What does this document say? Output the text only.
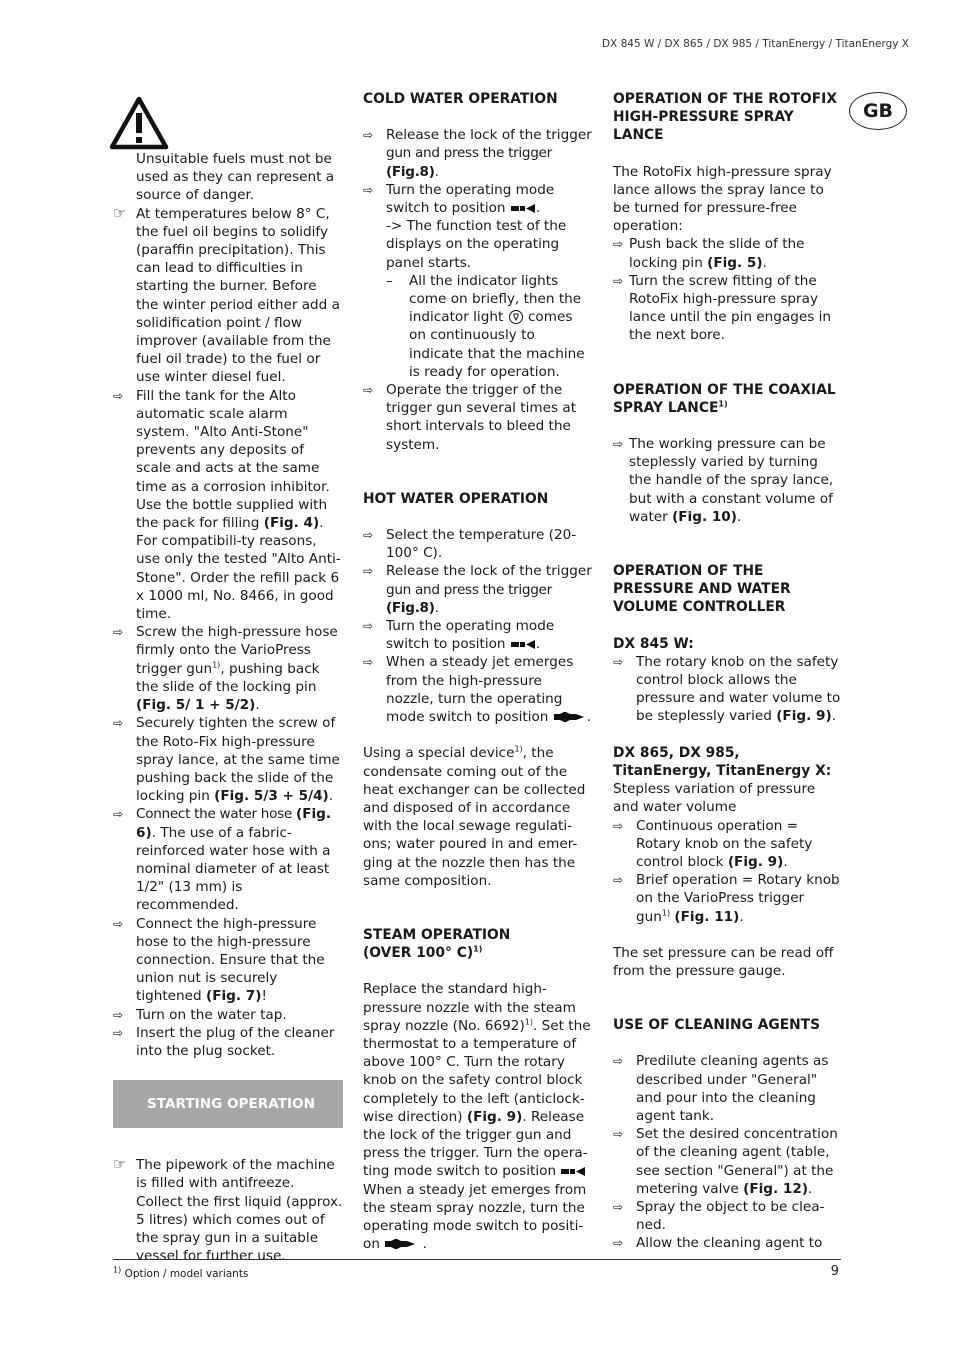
DX 845 W / DX 865 / DX 985 / TitanEnergy / TitanEnergy X
GB

Unsuitable fuels must not be used as they can represent a source of danger.

☞ At temperatures below 8° C, the fuel oil begins to solidify (paraffin precipitation). This can lead to difficulties in starting the burner. Before the winter period either add a solidification point / flow improver (available from the fuel oil trade) to the fuel or use winter diesel fuel.

⇨ Fill the tank for the Alto automatic scale alarm system. "Alto Anti-Stone" prevents any deposits of scale and acts at the same time as a corrosion inhibitor. Use the bottle supplied with the pack for filling (Fig. 4). For compatibili-ty reasons, use only the tested "Alto Anti-Stone". Order the refill pack 6 x 1000 ml, No. 8466, in good time.

⇨ Screw the high-pressure hose firmly onto the VarioPress trigger gun$^{1)}$, pushing back the slide of the locking pin (Fig. 5/ 1 + 5/2).

⇨ Securely tighten the screw of the Roto-Fix high-pressure spray lance, at the same time pushing back the slide of the locking pin (Fig. 5/3 + 5/4).

⇨ Connect the water hose (Fig. 6). The use of a fabric-reinforced water hose with a nominal diameter of at least 1/2" (13 mm) is recommended.

⇨ Connect the high-pressure hose to the high-pressure connection. Ensure that the union nut is securely tightened (Fig. 7)!

⇨ Turn on the water tap.

⇨ Insert the plug of the cleaner into the plug socket.

STARTING OPERATION

☞ The pipework of the machine is filled with antifreeze. Collect the first liquid (approx. 5 litres) which comes out of the spray gun in a suitable vessel for further use.

COLD WATER OPERATION

⇨ Release the lock of the trigger gun and press the trigger (Fig.8).

⇨ Turn the operating mode switch to position .
-> The function test of the displays on the operating panel starts.

– All the indicator lights come on briefly, then the indicator light comes on continuously to indicate that the machine is ready for operation.

⇨ Operate the trigger of the trigger gun several times at short intervals to bleed the system.

HOT WATER OPERATION

⇨ Select the temperature (20-100° C).

⇨ Release the lock of the trigger gun and press the trigger (Fig.8).

⇨ Turn the operating mode switch to position .

⇨ When a steady jet emerges from the high-pressure nozzle, turn the operating mode switch to position	.

Using a special device$^{1)}$, the condensate coming out of the heat exchanger can be collected and disposed of in accordance with the local sewage regulati-ons; water poured in and emer-ging at the nozzle then has the same composition.

STEAM OPERATION
(OVER 100° C)$^{1)}$

Replace the standard high-pressure nozzle with the steam spray nozzle (No. 6692)$^{1)}$. Set the thermostat to a temperature of above 100° C. Turn the rotary knob on the safety control block completely to the left (anticlock-wise direction) (Fig. 9). Release the lock of the trigger gun and press the trigger. Turn the opera-ting mode switch to position  When a steady jet emerges from the steam spray nozzle, turn the operating mode switch to positi-on	.

OPERATION OF THE ROTOFIX HIGH-PRESSURE SPRAY LANCE

The RotoFix high-pressure spray lance allows the spray lance to be turned for pressure-free operation:

⇨ Push back the slide of the locking pin (Fig. 5).

⇨ Turn the screw fitting of the RotoFix high-pressure spray lance until the pin engages in the next bore.

OPERATION OF THE COAXIAL SPRAY LANCE$^{1)}$

⇨ The working pressure can be steplessly varied by turning the handle of the spray lance, but with a constant volume of water (Fig. 10).

OPERATION OF THE PRESSURE AND WATER VOLUME CONTROLLER

DX 845 W:

⇨ The rotary knob on the safety control block allows the pressure and water volume to be steplessly varied (Fig. 9).

DX 865, DX 985, TitanEnergy, TitanEnergy X:

Stepless variation of pressure and water volume

⇨ Continuous operation = Rotary knob on the safety control block (Fig. 9).

⇨ Brief operation = Rotary knob on the VarioPress trigger gun$^{1)}$ (Fig. 11).

The set pressure can be read off from the pressure gauge.

USE OF CLEANING AGENTS

⇨ Predilute cleaning agents as described under "General" and pour into the cleaning agent tank.

⇨ Set the desired concentration of the cleaning agent (table, see section "General") at the metering valve (Fig. 12).

⇨ Spray the object to be clea-ned.

⇨ Allow the cleaning agent to

$^{1)}$ Option / model variants	9
